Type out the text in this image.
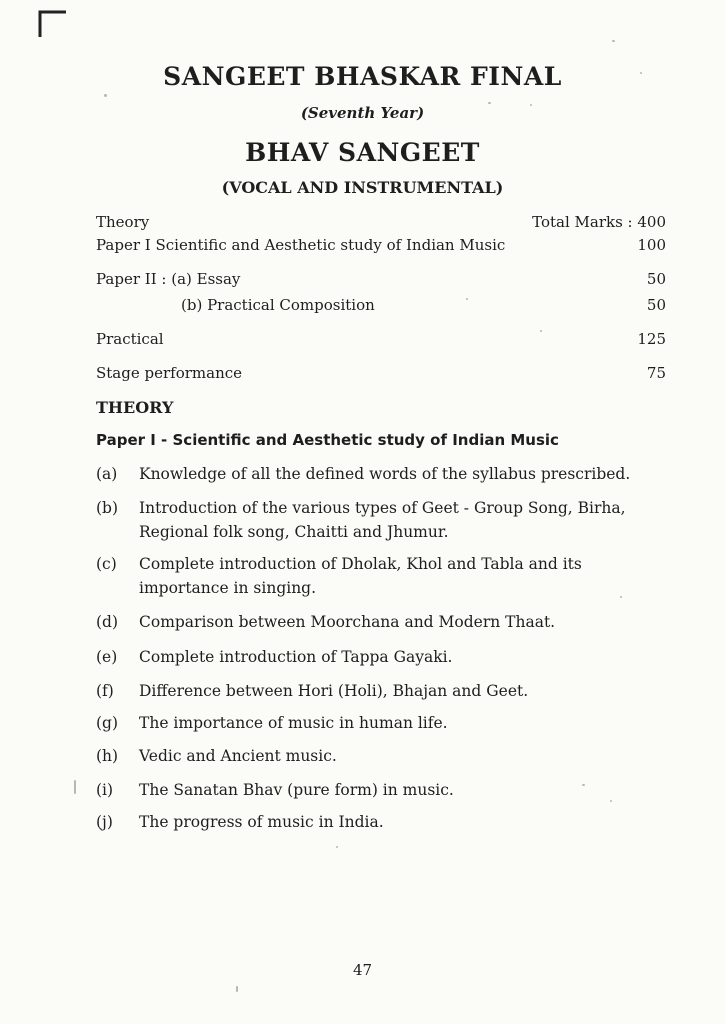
SANGEET BHASKAR FINAL
(Seventh Year)
BHAV SANGEET
(VOCAL AND INSTRUMENTAL)
Theory	Total Marks : 400
Paper I Scientific and Aesthetic study of Indian Music	100
Paper II : (a) Essay	50
(b) Practical Composition	50
Practical	125
Stage performance	75
THEORY
Paper I - Scientific and Aesthetic study of Indian Music
(a) Knowledge of all the defined words of the syllabus prescribed.
(b) Introduction of the various types of Geet - Group Song, Birha, Regional folk song, Chaitti and Jhumur.
(c) Complete introduction of Dholak, Khol and Tabla and its importance in singing.
(d) Comparison between Moorchana and Modern Thaat.
(e) Complete introduction of Tappa Gayaki.
(f) Difference between Hori (Holi), Bhajan and Geet.
(g) The importance of music in human life.
(h) Vedic and Ancient music.
(i) The Sanatan Bhav (pure form) in music.
(j) The progress of music in India.
47
